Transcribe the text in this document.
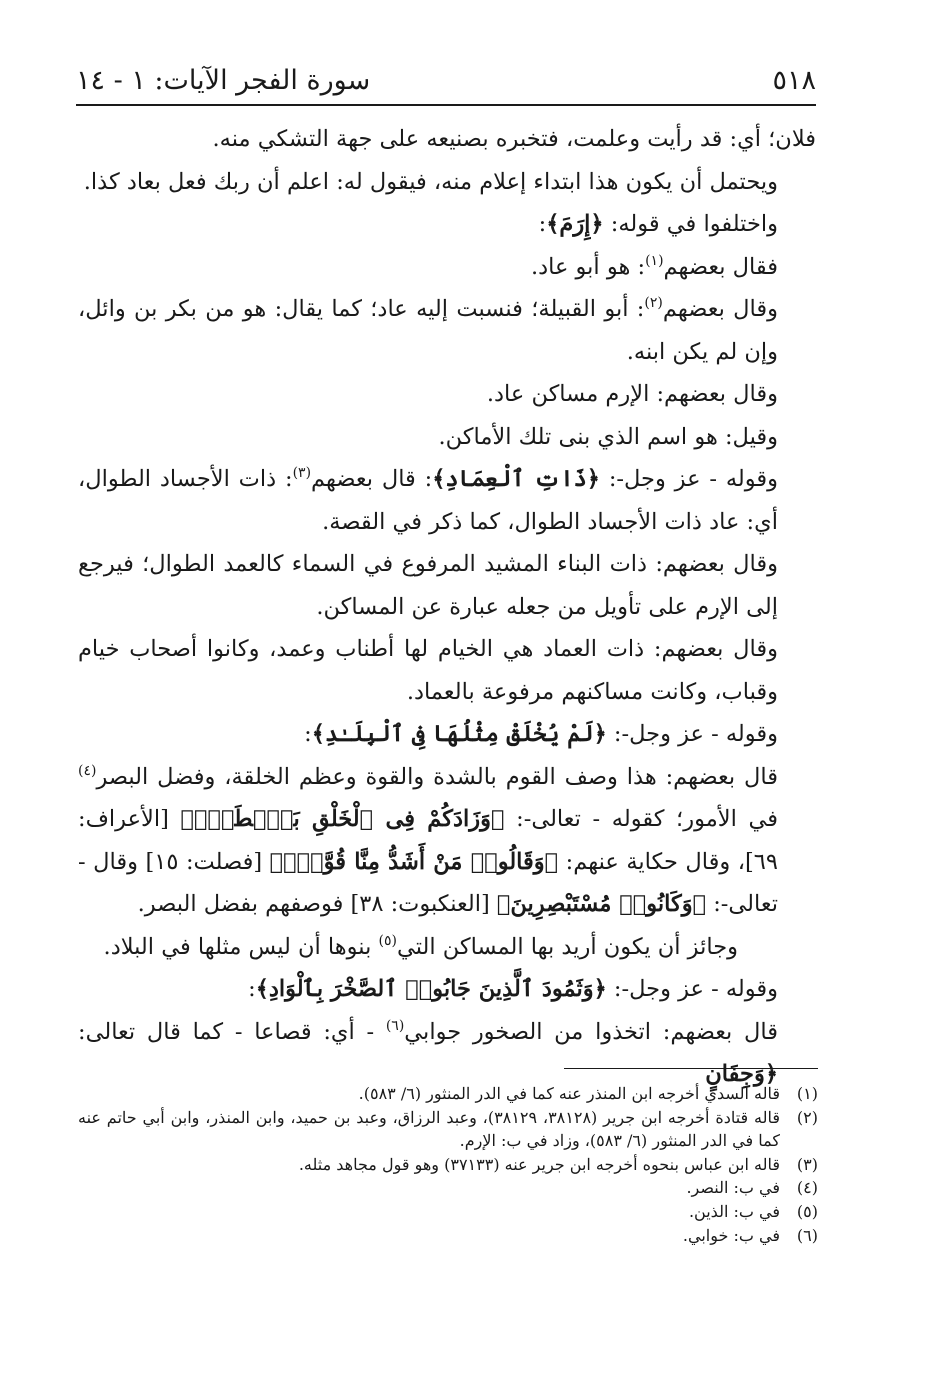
٥١٨
سورة الفجر الآيات: ١ - ١٤

فلان؛ أي: قد رأيت وعلمت، فتخبره بصنيعه على جهة التشكي منه.

ويحتمل أن يكون هذا ابتداء إعلام منه، فيقول له: اعلم أن ربك فعل بعاد كذا.

واختلفوا في قوله: ﴿إِرَمَ﴾:

فقال بعضهم$^{(١)}$: هو أبو عاد.

وقال بعضهم$^{(٢)}$: أبو القبيلة؛ فنسبت إليه عاد؛ كما يقال: هو من بكر بن وائل، وإن لم يكن ابنه.

وقال بعضهم: الإرم مساكن عاد.

وقيل: هو اسم الذي بنى تلك الأماكن.

وقوله - عز وجل-: ﴿ذَاتِ ٱلْعِمَادِ﴾: قال بعضهم$^{(٣)}$: ذات الأجساد الطوال، أي: عاد ذات الأجساد الطوال، كما ذكر في القصة.

وقال بعضهم: ذات البناء المشيد المرفوع في السماء كالعمد الطوال؛ فيرجع إلى الإرم على تأويل من جعله عبارة عن المساكن.

وقال بعضهم: ذات العماد هي الخيام لها أطناب وعمد، وكانوا أصحاب خيام وقباب، وكانت مساكنهم مرفوعة بالعماد.

وقوله - عز وجل-: ﴿لَمْ يُخْلَقْ مِثْلُهَا فِى ٱلْبِلَـٰدِ﴾:

قال بعضهم: هذا وصف القوم بالشدة والقوة وعظم الخلقة، وفضل البصر$^{(٤)}$ في الأمور؛ كقوله - تعالى-: ﴿وَزَادَكُمْ فِى ٱلْخَلْقِ بَصْۜطَةًۖ﴾ [الأعراف: ٦٩]، وقال حكاية عنهم: ﴿وَقَالُوا۟ مَنْ أَشَدُّ مِنَّا قُوَّةًۖ﴾ [فصلت: ١٥] وقال - تعالى-: ﴿وَكَانُوا۟ مُسْتَبْصِرِينَ﴾ [العنكبوت: ٣٨] فوصفهم بفضل البصر.

وجائز أن يكون أريد بها المساكن التي$^{(٥)}$ بنوها أن ليس مثلها في البلاد.

وقوله - عز وجل-: ﴿وَثَمُودَ ٱلَّذِينَ جَابُوا۟ ٱلصَّخْرَ بِٱلْوَادِ﴾:

قال بعضهم: اتخذوا من الصخور جوابي$^{(٦)}$ - أي: قصاعا - كما قال تعالى: ﴿وَجِفَانٍ

(١)
قاله السدي أخرجه ابن المنذر عنه كما في الدر المنثور (٦/ ٥٨٣).
(٢)
قاله قتادة أخرجه ابن جرير (٣٨١٢٨، ٣٨١٢٩)، وعبد الرزاق، وعبد بن حميد، وابن المنذر، وابن أبي حاتم عنه كما في الدر المنثور (٦/ ٥٨٣)، وزاد في ب: الإرم.
(٣)
قاله ابن عباس بنحوه أخرجه ابن جرير عنه (٣٧١٣٣) وهو قول مجاهد مثله.
(٤)
في ب: النصر.
(٥)
في ب: الذين.
(٦)
في ب: خوابي.
